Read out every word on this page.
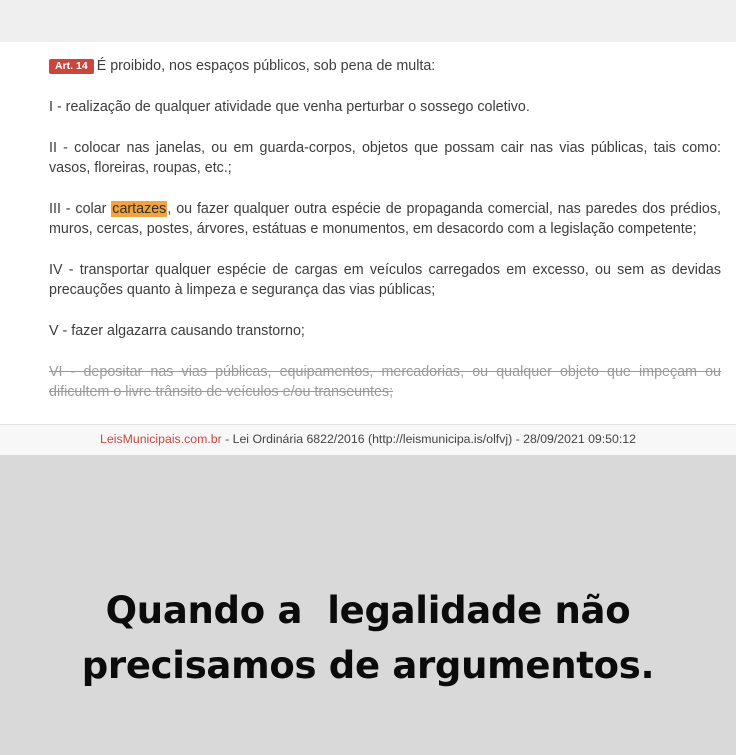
Art. 14 É proibido, nos espaços públicos, sob pena de multa:

I - realização de qualquer atividade que venha perturbar o sossego coletivo.

II - colocar nas janelas, ou em guarda-corpos, objetos que possam cair nas vias públicas, tais como: vasos, floreiras, roupas, etc.;

III - colar cartazes, ou fazer qualquer outra espécie de propaganda comercial, nas paredes dos prédios, muros, cercas, postes, árvores, estátuas e monumentos, em desacordo com a legislação competente;

IV - transportar qualquer espécie de cargas em veículos carregados em excesso, ou sem as devidas precauções quanto à limpeza e segurança das vias públicas;

V - fazer algazarra causando transtorno;

VI - depositar nas vias públicas, equipamentos, mercadorias, ou qualquer objeto que impeçam ou dificultem o livre trânsito de veículos e/ou transeuntes;

LeisMunicipais.com.br - Lei Ordinária 6822/2016 (http://leismunicipa.is/olfvj) - 28/09/2021 09:50:12
Quando a  legalidade não
precisamos de argumentos.
